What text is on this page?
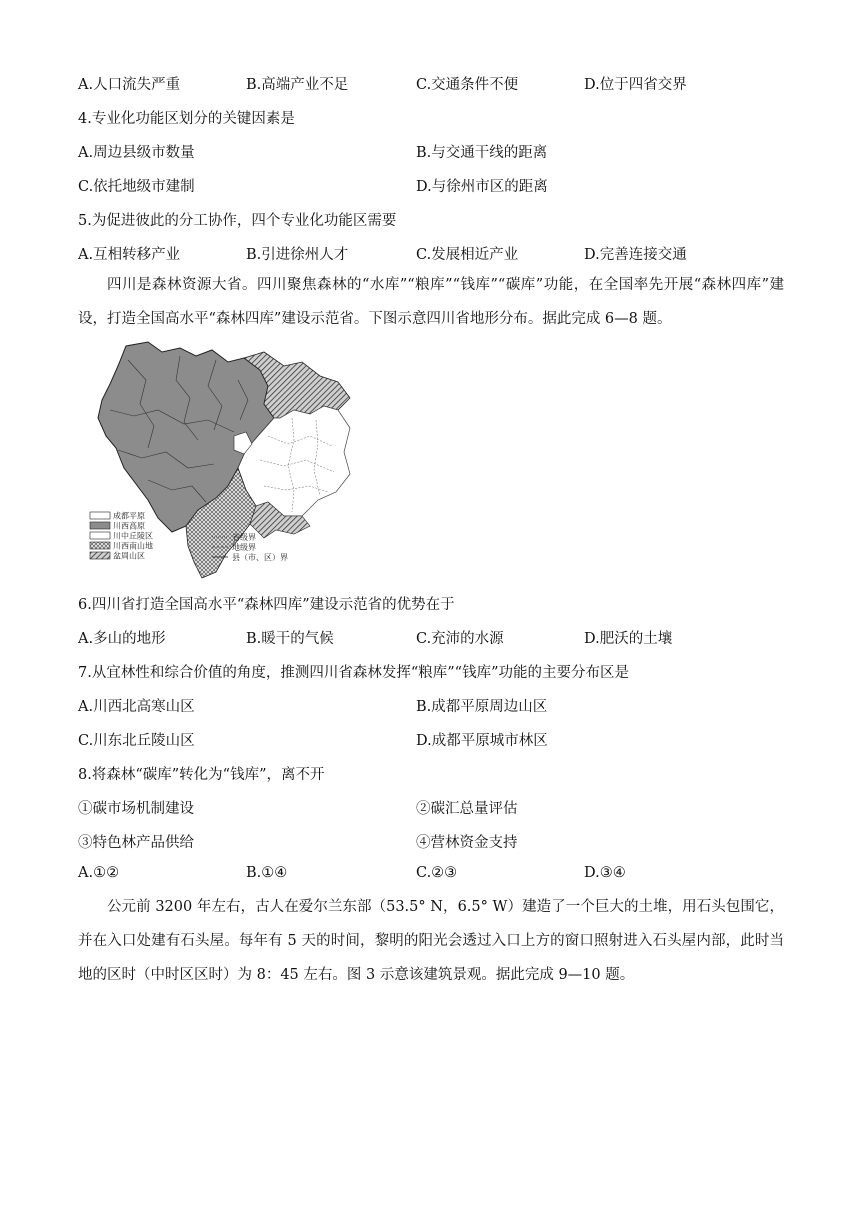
A.人口流失严重	B.高端产业不足	C.交通条件不便	D.位于四省交界
4.专业化功能区划分的关键因素是
A.周边县级市数量	B.与交通干线的距离
C.依托地级市建制	D.与徐州市区的距离
5.为促进彼此的分工协作，四个专业化功能区需要
A.互相转移产业	B.引进徐州人才	C.发展相近产业	D.完善连接交通
四川是森林资源大省。四川聚焦森林的“水库”“粮库”“钱库”“碳库”功能，在全国率先开展“森林四库”建设，打造全国高水平“森林四库”建设示范省。下图示意四川省地形分布。据此完成 6—8 题。
成都平原
川西高原
川中丘陵区
川西南山地
盆周山区
省级界
地级界
县（市、区）界
6.四川省打造全国高水平“森林四库”建设示范省的优势在于
A.多山的地形	B.暖干的气候	C.充沛的水源	D.肥沃的土壤
7.从宜林性和综合价值的角度，推测四川省森林发挥“粮库”“钱库”功能的主要分布区是
A.川西北高寒山区	B.成都平原周边山区
C.川东北丘陵山区	D.成都平原城市林区
8.将森林“碳库”转化为“钱库”，离不开
①碳市场机制建设	②碳汇总量评估
③特色林产品供给	④营林资金支持
A.①②	B.①④	C.②③	D.③④
公元前 3200 年左右，古人在爱尔兰东部（53.5° N，6.5° W）建造了一个巨大的土堆，用石头包围它，并在入口处建有石头屋。每年有 5 天的时间，黎明的阳光会透过入口上方的窗口照射进入石头屋内部，此时当地的区时（中时区区时）为 8：45 左右。图 3 示意该建筑景观。据此完成 9—10 题。
